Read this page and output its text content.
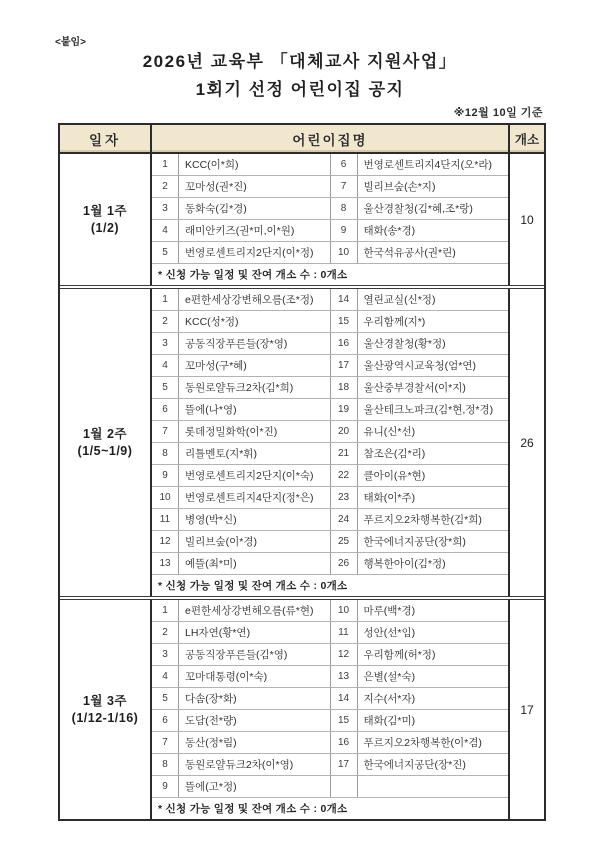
<붙임>
2026년 교육부 「대체교사 지원사업」
1회기 선정 어린이집 공지
※12월 10일 기준
일자	어린이집명	개소
1월 1주
(1/2)
1	KCC(이*희)	6	번영로센트리지4단지(오*라)
2	꼬마성(권*진)	7	빌리브숲(손*지)
3	동화숙(김*경)	8	울산경찰청(김*혜,조*랑)
4	래미안키즈(권*미,이*원)	9	태화(송*경)
5	번영로센트리지2단지(이*정)	10	한국석유공사(권*린)
* 신청 가능 일정 및 잔여 개소 수 : 0개소
10
1월 2주
(1/5~1/9)
1	e편한세상강변해오름(조*정)	14	열린교실(신*정)
2	KCC(성*정)	15	우리함께(지*)
3	공동직장푸른들(장*영)	16	울산경찰청(황*정)
4	꼬마성(구*혜)	17	울산광역시교육청(엄*연)
5	동원로얄듀크2차(김*희)	18	울산중부경찰서(이*지)
6	뜰에(나*영)	19	울산테크노파크(김*현,정*경)
7	롯데정밀화학(이*진)	20	유니(신*선)
8	리틀멘토(지*휘)	21	참조은(김*리)
9	번영로센트리지2단지(이*숙)	22	클아이(유*현)
10	번영로센트리지4단지(정*은)	23	태화(이*주)
11	병영(박*신)	24	푸르지오2차행복한(김*희)
12	빌리브숲(이*경)	25	한국에너지공단(장*희)
13	예뜰(최*미)	26	행복한아이(김*정)
* 신청 가능 일정 및 잔여 개소 수 : 0개소
26
1월 3주
(1/12-1/16)
1	e편한세상강변해오름(류*현)	10	마루(백*경)
2	LH자연(황*연)	11	성안(선*임)
3	공동직장푸른들(김*영)	12	우리함께(허*정)
4	꼬마대통령(이*숙)	13	은별(설*숙)
5	다솜(장*화)	14	지수(서*자)
6	도담(전*량)	15	태화(김*미)
7	동산(정*림)	16	푸르지오2차행복한(이*겸)
8	동원로얄듀크2차(이*영)	17	한국에너지공단(장*진)
9	뜰에(고*정)
* 신청 가능 일정 및 잔여 개소 수 : 0개소
17
